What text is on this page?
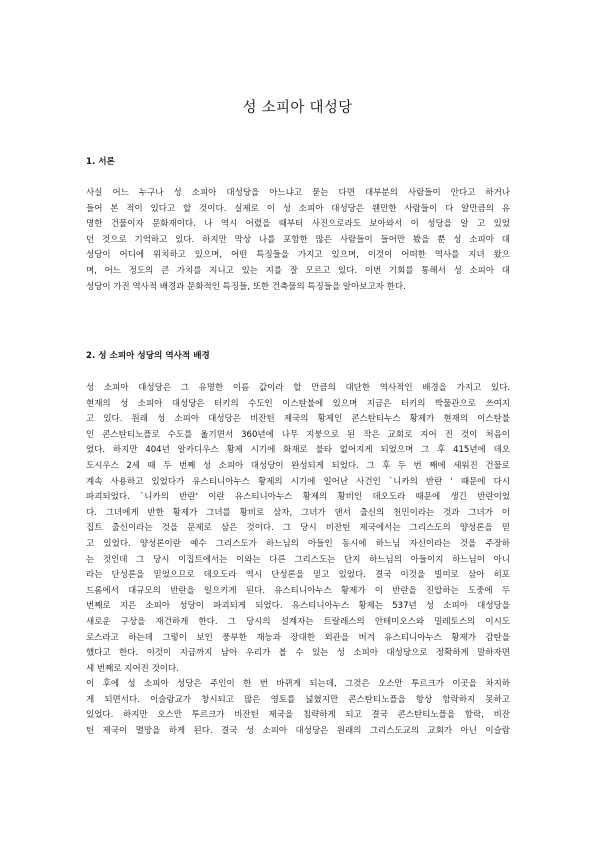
성 소피아 대성당
1. 서론
사실 어느 누구나 성 소피아 대성당을 아느냐고 묻는 다면 대부분의 사람들이 안다고 하거나
들어 본 적이 있다고 할 것이다. 실제로 이 성 소피아 대성당은 웬만한 사람들이 다 알만큼의 유
명한 건물이자 문화재이다. 나 역시 어렸을 때부터 사진으로라도 보아와서 이 성당을 알 고 있었
던 것으로 기억하고 있다. 하지만 막상 나를 포함한 많은 사람들이 들어만 봤을 뿐 성 소피아 대
성당이 어디에 위치하고 있으며, 어떤 특징들을 가지고 있으며, 이것이 어떠한 역사를 지녀 왔으
며, 어느 정도의 큰 가치를 지니고 있는 지를 잘 모르고 있다. 이번 기회를 통해서 성 소피아 대
성당이 가진 역사적 배경과 문화적인 특징들, 또한 건축물의 특징들을 알아보고자 한다.
2. 성 소피아 성당의 역사적 배경
성 소피아 대성당은 그 유명한 이름 값이라 할 만큼의 대단한 역사적인 배경을 가지고 있다.
현재의 성 소피아 대성당은 터키의 수도인 이스탄불에 있으며 지금은 터키의 박물관으로 쓰여지
고 있다. 원래 성 소피아 대성당은 비잔틴 제국의 황제인 콘스탄티누스 황제가 현재의 이스탄불
인 콘스탄티노플로 수도를 옮기면서 360년에 나무 지붕으로 된 작은 교회로 지어 진 것이 처음이
었다. 하지만 404년 알카디우스 황제 시기에 화재로 불타 없어지게 되었으며 그 후 415년에 데오
도시우스 2세 때 두 번째 성 소피아 대성당이 완성되게 되었다. 그 후 두 번 째에 세워진 건물로
계속 사용하고 있었다가 유스티니아누스 황제의 시기에 일어난 사건인 `니카의 반란 ' 때문에 다시
파괴되었다. `니카의 반란' 이란 유스티니아누스 황제의 황비인 데오도라 때문에 생긴 반란이었
다. 그녀에게 반한 황제가 그녀를 황비로 삼자, 그녀가 댄서 출신의 천민이라는 것과 그녀가 이
집트 출신이라는 것을 문제로 삼은 것이다. 그 당시 비잔틴 제국에서는 그리스도의 양성론을 믿
고 있었다. 양성론이란 예수 그리스도가 하느님의 아들인 동시에 하느님 자신이라는 것을 주장하
는 것인데 그 당시 이집트에서는 이와는 다른 그리스도는 단지 하느님의 아들이지 하느님이 아니
라는 단성론을 믿었으므로 데오도라 역시 단성론을 믿고 있었다. 결국 이것을 빌미로 삼아 히포
드롬에서 대규모의 반란을 일으키게 된다. 유스티니아누스 황제가 이 반란을 진압하는 도중에 두
번째로 지은 소피아 성당이 파괴되게 되었다. 유스티니아누스 황제는 537년 성 소피아 대성당을
새로운 구상을 재건하게 한다. 그 당시의 설계자는 트랄레스의 안테미오스와 밀레토스의 이시도
로스라고 하는데 그렇이 보인 풍부한 재능과 장대한 외관을 버겨 유스티니아누스 황제가 감탄을
했다고 한다. 이것이 지금까지 남아 우리가 볼 수 있는 성 소피아 대성당으로 정확하게 말하자면
세 번째로 지어진 것이다.
이 후에 성 소피아 성당은 주인이 한 번 바뀌게 되는데, 그것은 오스만 투르크가 이곳을 차지하
게 되면서다. 이슬람교가 창시되고 많은 영토를 넓혔지만 콘스탄티노플을 항상 함락하지 못하고
있었다. 하지만 오스만 투르크가 비잔틴 제국을 침략하게 되고 결국 콘스탄티노플을 함락, 비잔
틴 제국이 멸망을 하게 된다. 결국 성 소피아 대성당은 원래의 그리스도교의 교회가 아닌 이슬람
